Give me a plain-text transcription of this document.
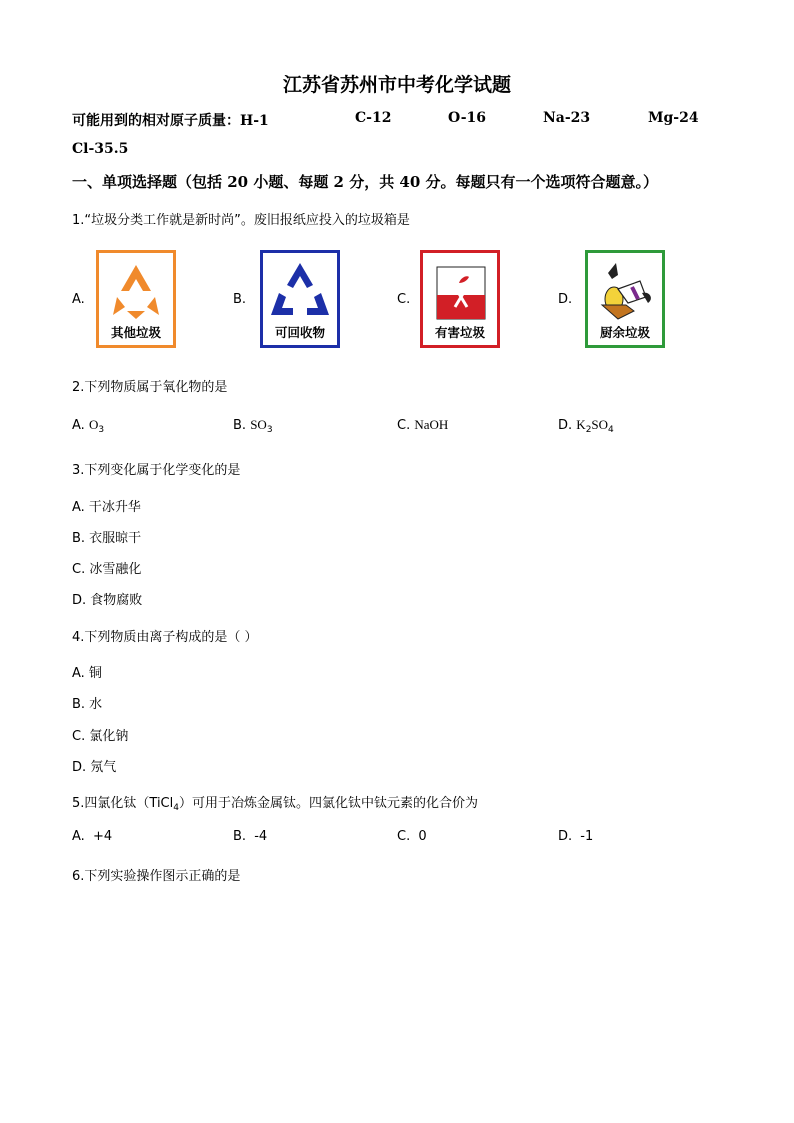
江苏省苏州市中考化学试题
可能用到的相对原子质量：H-1	C-12	O-16	Na-23	Mg-24
Cl-35.5
一、单项选择题（包括 20 小题、每题 2 分，共 40 分。每题只有一个选项符合题意。）
1.“垃圾分类工作就是新时尚”。废旧报纸应投入的垃圾箱是
A.
其他垃圾
B.
可回收物
C.
有害垃圾
D.
厨余垃圾
2.下列物质属于氧化物的是
A. $O_3$	B. $SO_3$	C. NaOH	D. $K_2SO_4$
3.下列变化属于化学变化的是
A. 干冰升华
B. 衣服晾干
C. 冰雪融化
D. 食物腐败
4.下列物质由离子构成的是（ ）
A. 铜
B. 水
C. 氯化钠
D. 氖气
5.四氯化钛（TiCl$_4$）可用于冶炼金属钛。四氯化钛中钛元素的化合价为
A. +4	B. -4	C. 0	D. -1
6.下列实验操作图示正确的是
